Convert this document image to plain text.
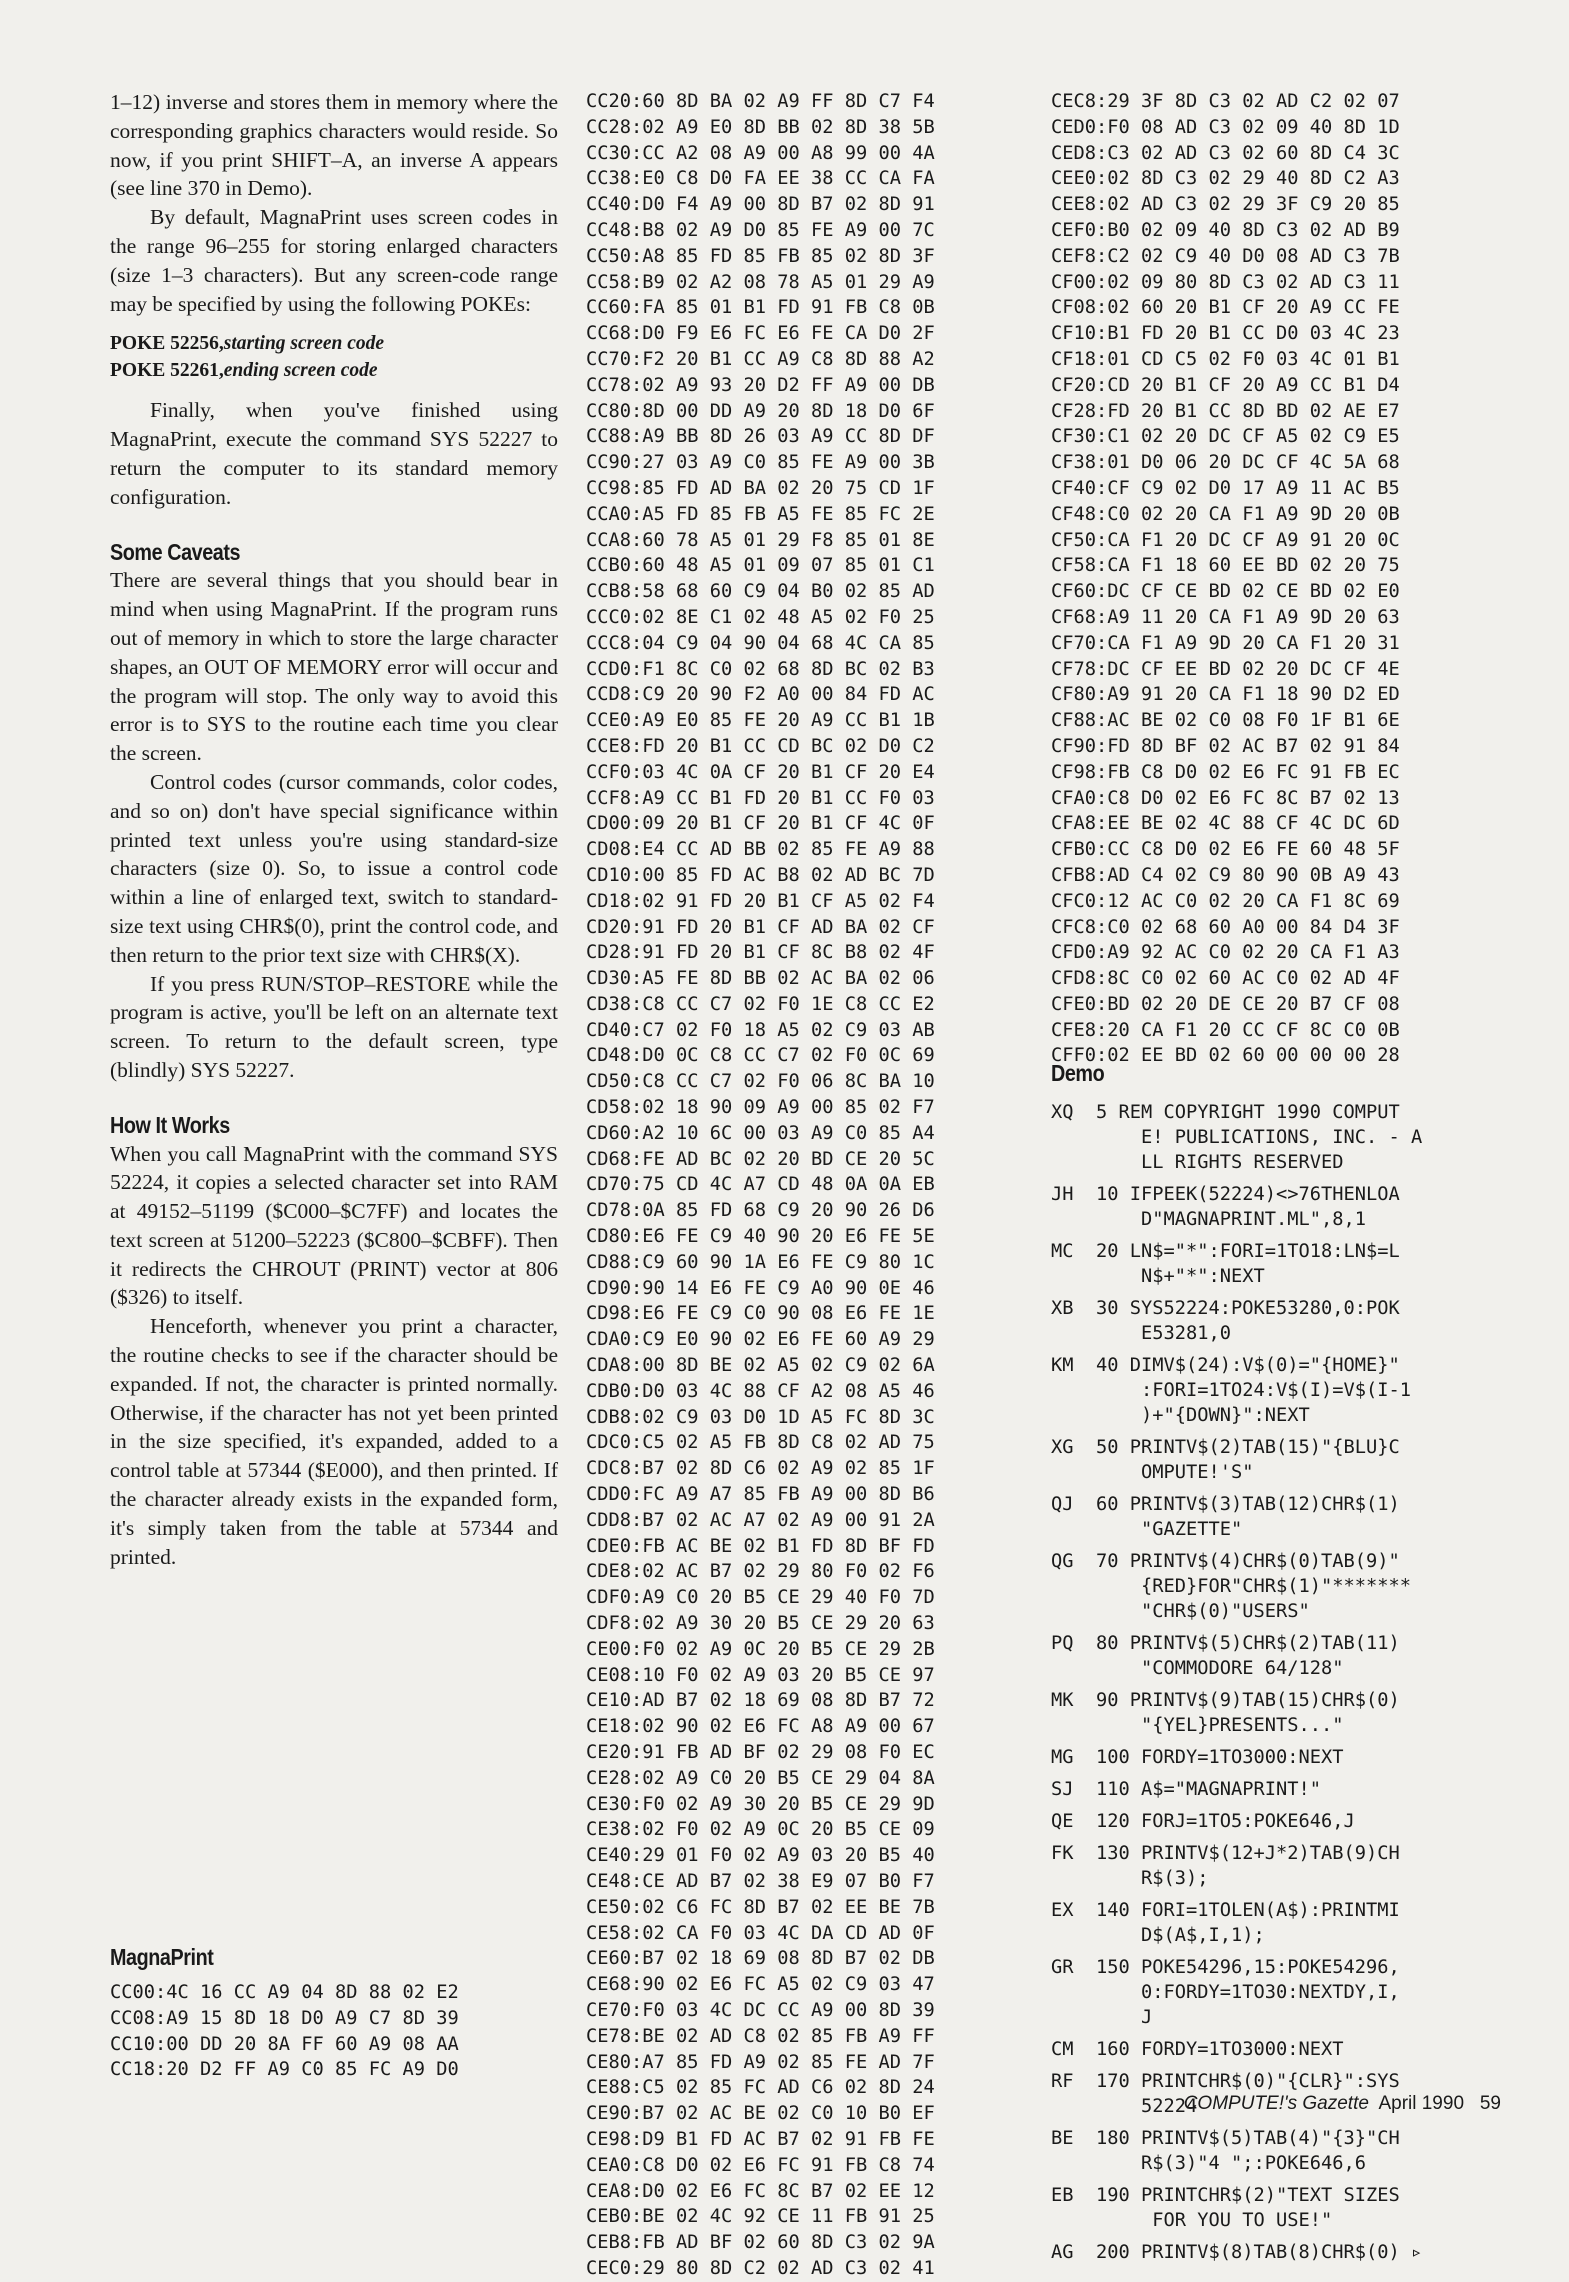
1–12) inverse and stores them in memory where the corresponding graphics characters would reside. So now, if you print SHIFT–A, an inverse A appears (see line 370 in Demo).

By default, MagnaPrint uses screen codes in the range 96–255 for storing enlarged characters (size 1–3 characters). But any screen-code range may be specified by using the following POKEs:

POKE 52256,starting screen code
POKE 52261,ending screen code

Finally, when you've finished using MagnaPrint, execute the command SYS 52227 to return the computer to its standard memory configuration.

Some Caveats

There are several things that you should bear in mind when using MagnaPrint. If the program runs out of memory in which to store the large character shapes, an OUT OF MEMORY error will occur and the program will stop. The only way to avoid this error is to SYS to the routine each time you clear the screen.

Control codes (cursor commands, color codes, and so on) don't have special significance within printed text unless you're using standard-size characters (size 0). So, to issue a control code within a line of enlarged text, switch to standard-size text using CHR$(0), print the control code, and then return to the prior text size with CHR$(X).

If you press RUN/STOP–RESTORE while the program is active, you'll be left on an alternate text screen. To return to the default screen, type (blindly) SYS 52227.

How It Works

When you call MagnaPrint with the command SYS 52224, it copies a selected character set into RAM at 49152–51199 ($C000–$C7FF) and locates the text screen at 51200–52223 ($C800–$CBFF). Then it redirects the CHROUT (PRINT) vector at 806 ($326) to itself.

Henceforth, whenever you print a character, the routine checks to see if the character should be expanded. If not, the character is printed normally. Otherwise, if the character has not yet been printed in the size specified, it's expanded, added to a control table at 57344 ($E000), and then printed. If the character already exists in the expanded form, it's simply taken from the table at 57344 and printed.

MagnaPrint
CC00:4C 16 CC A9 04 8D 88 02 E2
CC08:A9 15 8D 18 D0 A9 C7 8D 39
CC10:00 DD 20 8A FF 60 A9 08 AA
CC18:20 D2 FF A9 C0 85 FC A9 D0
CC20:60 8D BA 02 A9 FF 8D C7 F4
CC28:02 A9 E0 8D BB 02 8D 38 5B
CC30:CC A2 08 A9 00 A8 99 00 4A
CC38:E0 C8 D0 FA EE 38 CC CA FA
CC40:D0 F4 A9 00 8D B7 02 8D 91
CC48:B8 02 A9 D0 85 FE A9 00 7C
CC50:A8 85 FD 85 FB 85 02 8D 3F
CC58:B9 02 A2 08 78 A5 01 29 A9
CC60:FA 85 01 B1 FD 91 FB C8 0B
CC68:D0 F9 E6 FC E6 FE CA D0 2F
CC70:F2 20 B1 CC A9 C8 8D 88 A2
CC78:02 A9 93 20 D2 FF A9 00 DB
CC80:8D 00 DD A9 20 8D 18 D0 6F
CC88:A9 BB 8D 26 03 A9 CC 8D DF
CC90:27 03 A9 C0 85 FE A9 00 3B
CC98:85 FD AD BA 02 20 75 CD 1F
CCA0:A5 FD 85 FB A5 FE 85 FC 2E
CCA8:60 78 A5 01 29 F8 85 01 8E
CCB0:60 48 A5 01 09 07 85 01 C1
CCB8:58 68 60 C9 04 B0 02 85 AD
CCC0:02 8E C1 02 48 A5 02 F0 25
CCC8:04 C9 04 90 04 68 4C CA 85
CCD0:F1 8C C0 02 68 8D BC 02 B3
CCD8:C9 20 90 F2 A0 00 84 FD AC
CCE0:A9 E0 85 FE 20 A9 CC B1 1B
CCE8:FD 20 B1 CC CD BC 02 D0 C2
CCF0:03 4C 0A CF 20 B1 CF 20 E4
CCF8:A9 CC B1 FD 20 B1 CC F0 03
CD00:09 20 B1 CF 20 B1 CF 4C 0F
CD08:E4 CC AD BB 02 85 FE A9 88
CD10:00 85 FD AC B8 02 AD BC 7D
CD18:02 91 FD 20 B1 CF A5 02 F4
CD20:91 FD 20 B1 CF AD BA 02 CF
CD28:91 FD 20 B1 CF 8C B8 02 4F
CD30:A5 FE 8D BB 02 AC BA 02 06
CD38:C8 CC C7 02 F0 1E C8 CC E2
CD40:C7 02 F0 18 A5 02 C9 03 AB
CD48:D0 0C C8 CC C7 02 F0 0C 69
CD50:C8 CC C7 02 F0 06 8C BA 10
CD58:02 18 90 09 A9 00 85 02 F7
CD60:A2 10 6C 00 03 A9 C0 85 A4
CD68:FE AD BC 02 20 BD CE 20 5C
CD70:75 CD 4C A7 CD 48 0A 0A EB
CD78:0A 85 FD 68 C9 20 90 26 D6
CD80:E6 FE C9 40 90 20 E6 FE 5E
CD88:C9 60 90 1A E6 FE C9 80 1C
CD90:90 14 E6 FE C9 A0 90 0E 46
CD98:E6 FE C9 C0 90 08 E6 FE 1E
CDA0:C9 E0 90 02 E6 FE 60 A9 29
CDA8:00 8D BE 02 A5 02 C9 02 6A
CDB0:D0 03 4C 88 CF A2 08 A5 46
CDB8:02 C9 03 D0 1D A5 FC 8D 3C
CDC0:C5 02 A5 FB 8D C8 02 AD 75
CDC8:B7 02 8D C6 02 A9 02 85 1F
CDD0:FC A9 A7 85 FB A9 00 8D B6
CDD8:B7 02 AC A7 02 A9 00 91 2A
CDE0:FB AC BE 02 B1 FD 8D BF FD
CDE8:02 AC B7 02 29 80 F0 02 F6
CDF0:A9 C0 20 B5 CE 29 40 F0 7D
CDF8:02 A9 30 20 B5 CE 29 20 63
CE00:F0 02 A9 0C 20 B5 CE 29 2B
CE08:10 F0 02 A9 03 20 B5 CE 97
CE10:AD B7 02 18 69 08 8D B7 72
CE18:02 90 02 E6 FC A8 A9 00 67
CE20:91 FB AD BF 02 29 08 F0 EC
CE28:02 A9 C0 20 B5 CE 29 04 8A
CE30:F0 02 A9 30 20 B5 CE 29 9D
CE38:02 F0 02 A9 0C 20 B5 CE 09
CE40:29 01 F0 02 A9 03 20 B5 40
CE48:CE AD B7 02 38 E9 07 B0 F7
CE50:02 C6 FC 8D B7 02 EE BE 7B
CE58:02 CA F0 03 4C DA CD AD 0F
CE60:B7 02 18 69 08 8D B7 02 DB
CE68:90 02 E6 FC A5 02 C9 03 47
CE70:F0 03 4C DC CC A9 00 8D 39
CE78:BE 02 AD C8 02 85 FB A9 FF
CE80:A7 85 FD A9 02 85 FE AD 7F
CE88:C5 02 85 FC AD C6 02 8D 24
CE90:B7 02 AC BE 02 C0 10 B0 EF
CE98:D9 B1 FD AC B7 02 91 FB FE
CEA0:C8 D0 02 E6 FC 91 FB C8 74
CEA8:D0 02 E6 FC 8C B7 02 EE 12
CEB0:BE 02 4C 92 CE 11 FB 91 25
CEB8:FB AD BF 02 60 8D C3 02 9A
CEC0:29 80 8D C2 02 AD C3 02 41
CEC8:29 3F 8D C3 02 AD C2 02 07
CED0:F0 08 AD C3 02 09 40 8D 1D
CED8:C3 02 AD C3 02 60 8D C4 3C
CEE0:02 8D C3 02 29 40 8D C2 A3
CEE8:02 AD C3 02 29 3F C9 20 85
CEF0:B0 02 09 40 8D C3 02 AD B9
CEF8:C2 02 C9 40 D0 08 AD C3 7B
CF00:02 09 80 8D C3 02 AD C3 11
CF08:02 60 20 B1 CF 20 A9 CC FE
CF10:B1 FD 20 B1 CC D0 03 4C 23
CF18:01 CD C5 02 F0 03 4C 01 B1
CF20:CD 20 B1 CF 20 A9 CC B1 D4
CF28:FD 20 B1 CC 8D BD 02 AE E7
CF30:C1 02 20 DC CF A5 02 C9 E5
CF38:01 D0 06 20 DC CF 4C 5A 68
CF40:CF C9 02 D0 17 A9 11 AC B5
CF48:C0 02 20 CA F1 A9 9D 20 0B
CF50:CA F1 20 DC CF A9 91 20 0C
CF58:CA F1 18 60 EE BD 02 20 75
CF60:DC CF CE BD 02 CE BD 02 E0
CF68:A9 11 20 CA F1 A9 9D 20 63
CF70:CA F1 A9 9D 20 CA F1 20 31
CF78:DC CF EE BD 02 20 DC CF 4E
CF80:A9 91 20 CA F1 18 90 D2 ED
CF88:AC BE 02 C0 08 F0 1F B1 6E
CF90:FD 8D BF 02 AC B7 02 91 84
CF98:FB C8 D0 02 E6 FC 91 FB EC
CFA0:C8 D0 02 E6 FC 8C B7 02 13
CFA8:EE BE 02 4C 88 CF 4C DC 6D
CFB0:CC C8 D0 02 E6 FE 60 48 5F
CFB8:AD C4 02 C9 80 90 0B A9 43
CFC0:12 AC C0 02 20 CA F1 8C 69
CFC8:C0 02 68 60 A0 00 84 D4 3F
CFD0:A9 92 AC C0 02 20 CA F1 A3
CFD8:8C C0 02 60 AC C0 02 AD 4F
CFE0:BD 02 20 DE CE 20 B7 CF 08
CFE8:20 CA F1 20 CC CF 8C C0 0B
CFF0:02 EE BD 02 60 00 00 00 28
Demo
XQ	5 REM COPYRIGHT 1990 COMPUT
E! PUBLICATIONS, INC. - A
LL RIGHTS RESERVED
JH	10 IFPEEK(52224)<>76THENLOA
D"MAGNAPRINT.ML",8,1
MC	20 LN$="*":FORI=1TO18:LN$=L
N$+"*":NEXT
XB	30 SYS52224:POKE53280,0:POK
E53281,0
KM	40 DIMV$(24):V$(0)="{HOME}"
:FORI=1TO24:V$(I)=V$(I-1
)+"{DOWN}":NEXT
XG	50 PRINTV$(2)TAB(15)"{BLU}C
OMPUTE!'S"
QJ	60 PRINTV$(3)TAB(12)CHR$(1)
"GAZETTE"
QG	70 PRINTV$(4)CHR$(0)TAB(9)"
{RED}FOR"CHR$(1)"*******
"CHR$(0)"USERS"
PQ	80 PRINTV$(5)CHR$(2)TAB(11)
"COMMODORE 64/128"
MK	90 PRINTV$(9)TAB(15)CHR$(0)
"{YEL}PRESENTS..."
MG	100 FORDY=1TO3000:NEXT
SJ	110 A$="MAGNAPRINT!"
QE	120 FORJ=1TO5:POKE646,J
FK	130 PRINTV$(12+J*2)TAB(9)CH
R$(3);
EX	140 FORI=1TOLEN(A$):PRINTMI
D$(A$,I,1);
GR	150 POKE54296,15:POKE54296,
0:FORDY=1TO30:NEXTDY,I,
J
CM	160 FORDY=1TO3000:NEXT
RF	170 PRINTCHR$(0)"{CLR}":SYS
52224
BE	180 PRINTV$(5)TAB(4)"{3}"CH
R$(3)"4 ";:POKE646,6
EB	190 PRINTCHR$(2)"TEXT SIZES
FOR YOU TO USE!"
AG	200 PRINTV$(8)TAB(8)CHR$(0) ▹
COMPUTE!'s Gazette April 1990 59
